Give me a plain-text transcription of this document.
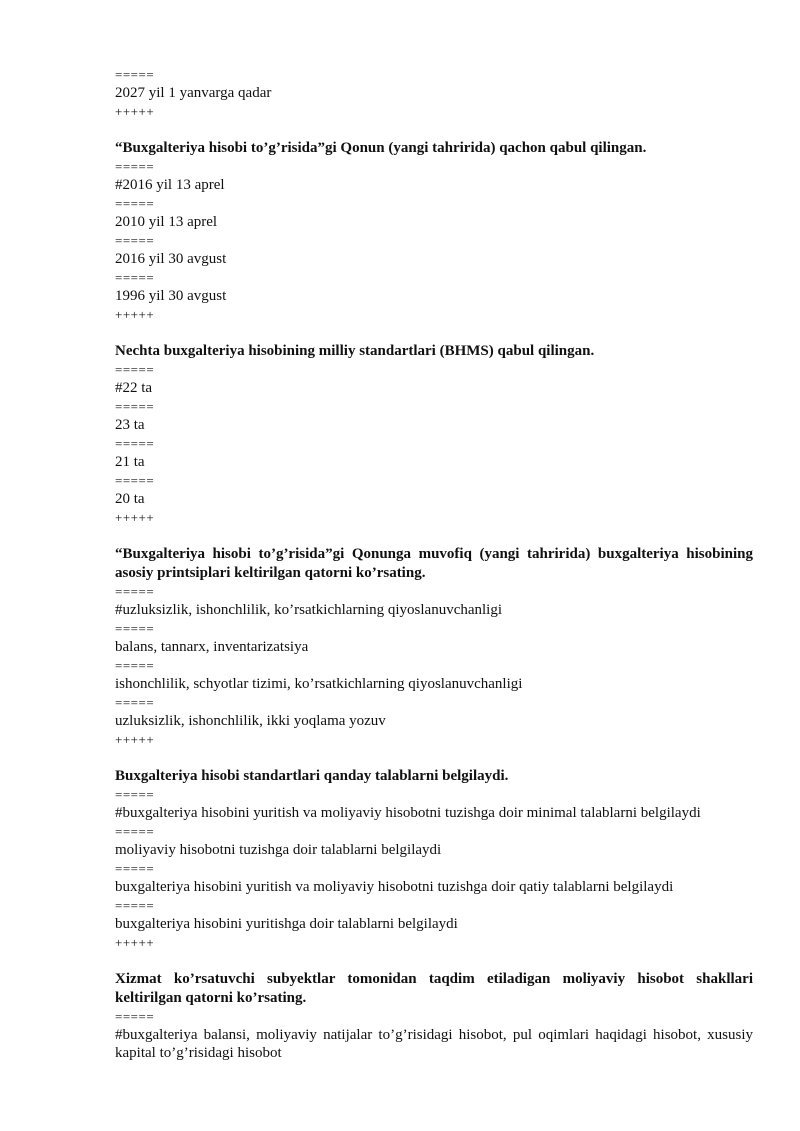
=====
2027 yil 1 yanvarga qadar
+++++
“Buxgalteriya hisobi to’g’risida”gi Qonun (yangi tahririda) qachon qabul qilingan.
=====
#2016 yil 13 aprel
=====
2010 yil 13 aprel
=====
2016 yil 30 avgust
=====
1996 yil 30 avgust
+++++
Nechta buxgalteriya hisobining milliy standartlari (BHMS) qabul qilingan.
=====
#22 ta
=====
23 ta
=====
21 ta
=====
20 ta
+++++
“Buxgalteriya hisobi to’g’risida”gi Qonunga muvofiq (yangi tahririda) buxgalteriya hisobining asosiy printsiplari keltirilgan qatorni ko’rsating.
=====
#uzluksizlik, ishonchlilik, ko’rsatkichlarning qiyoslanuvchanligi
=====
balans, tannarx, inventarizatsiya
=====
ishonchlilik, schyotlar tizimi, ko’rsatkichlarning qiyoslanuvchanligi
=====
uzluksizlik, ishonchlilik, ikki yoqlama yozuv
+++++
Buxgalteriya hisobi standartlari qanday talablarni belgilaydi.
=====
#buxgalteriya hisobini yuritish va moliyaviy hisobotni tuzishga doir minimal talablarni belgilaydi
=====
moliyaviy hisobotni tuzishga doir talablarni belgilaydi
=====
buxgalteriya hisobini yuritish va moliyaviy hisobotni tuzishga doir qatiy talablarni belgilaydi
=====
buxgalteriya hisobini yuritishga doir talablarni belgilaydi
+++++
Xizmat ko’rsatuvchi subyektlar tomonidan taqdim etiladigan moliyaviy hisobot shakllari keltirilgan qatorni ko’rsating.
=====
#buxgalteriya balansi, moliyaviy natijalar to’g’risidagi hisobot, pul oqimlari haqidagi hisobot, xususiy kapital to’g’risidagi hisobot
